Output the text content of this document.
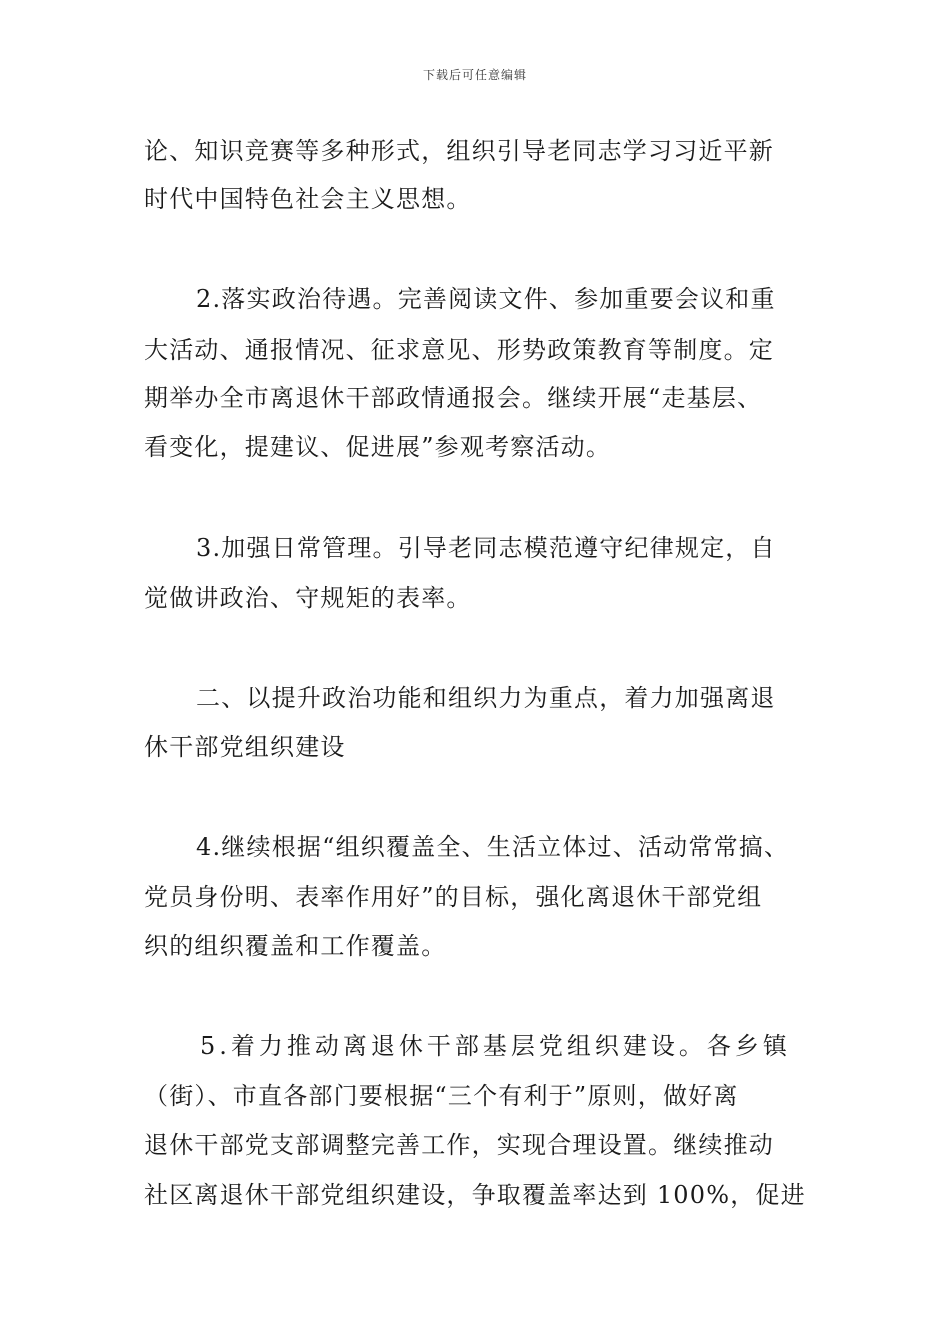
下载后可任意编辑
论、知识竞赛等多种形式，组织引导老同志学习习近平新
时代中国特色社会主义思想。
2.落实政治待遇。完善阅读文件、参加重要会议和重
大活动、通报情况、征求意见、形势政策教育等制度。定
期举办全市离退休干部政情通报会。继续开展“走基层、
看变化，提建议、促进展”参观考察活动。
3.加强日常管理。引导老同志模范遵守纪律规定，自
觉做讲政治、守规矩的表率。
二、以提升政治功能和组织力为重点，着力加强离退
休干部党组织建设
4.继续根据“组织覆盖全、生活立体过、活动常常搞、
党员身份明、表率作用好”的目标，强化离退休干部党组
织的组织覆盖和工作覆盖。
5.着力推动离退休干部基层党组织建设。各乡镇
（街）、市直各部门要根据“三个有利于”原则，做好离
退休干部党支部调整完善工作，实现合理设置。继续推动
社区离退休干部党组织建设，争取覆盖率达到 100%，促进
